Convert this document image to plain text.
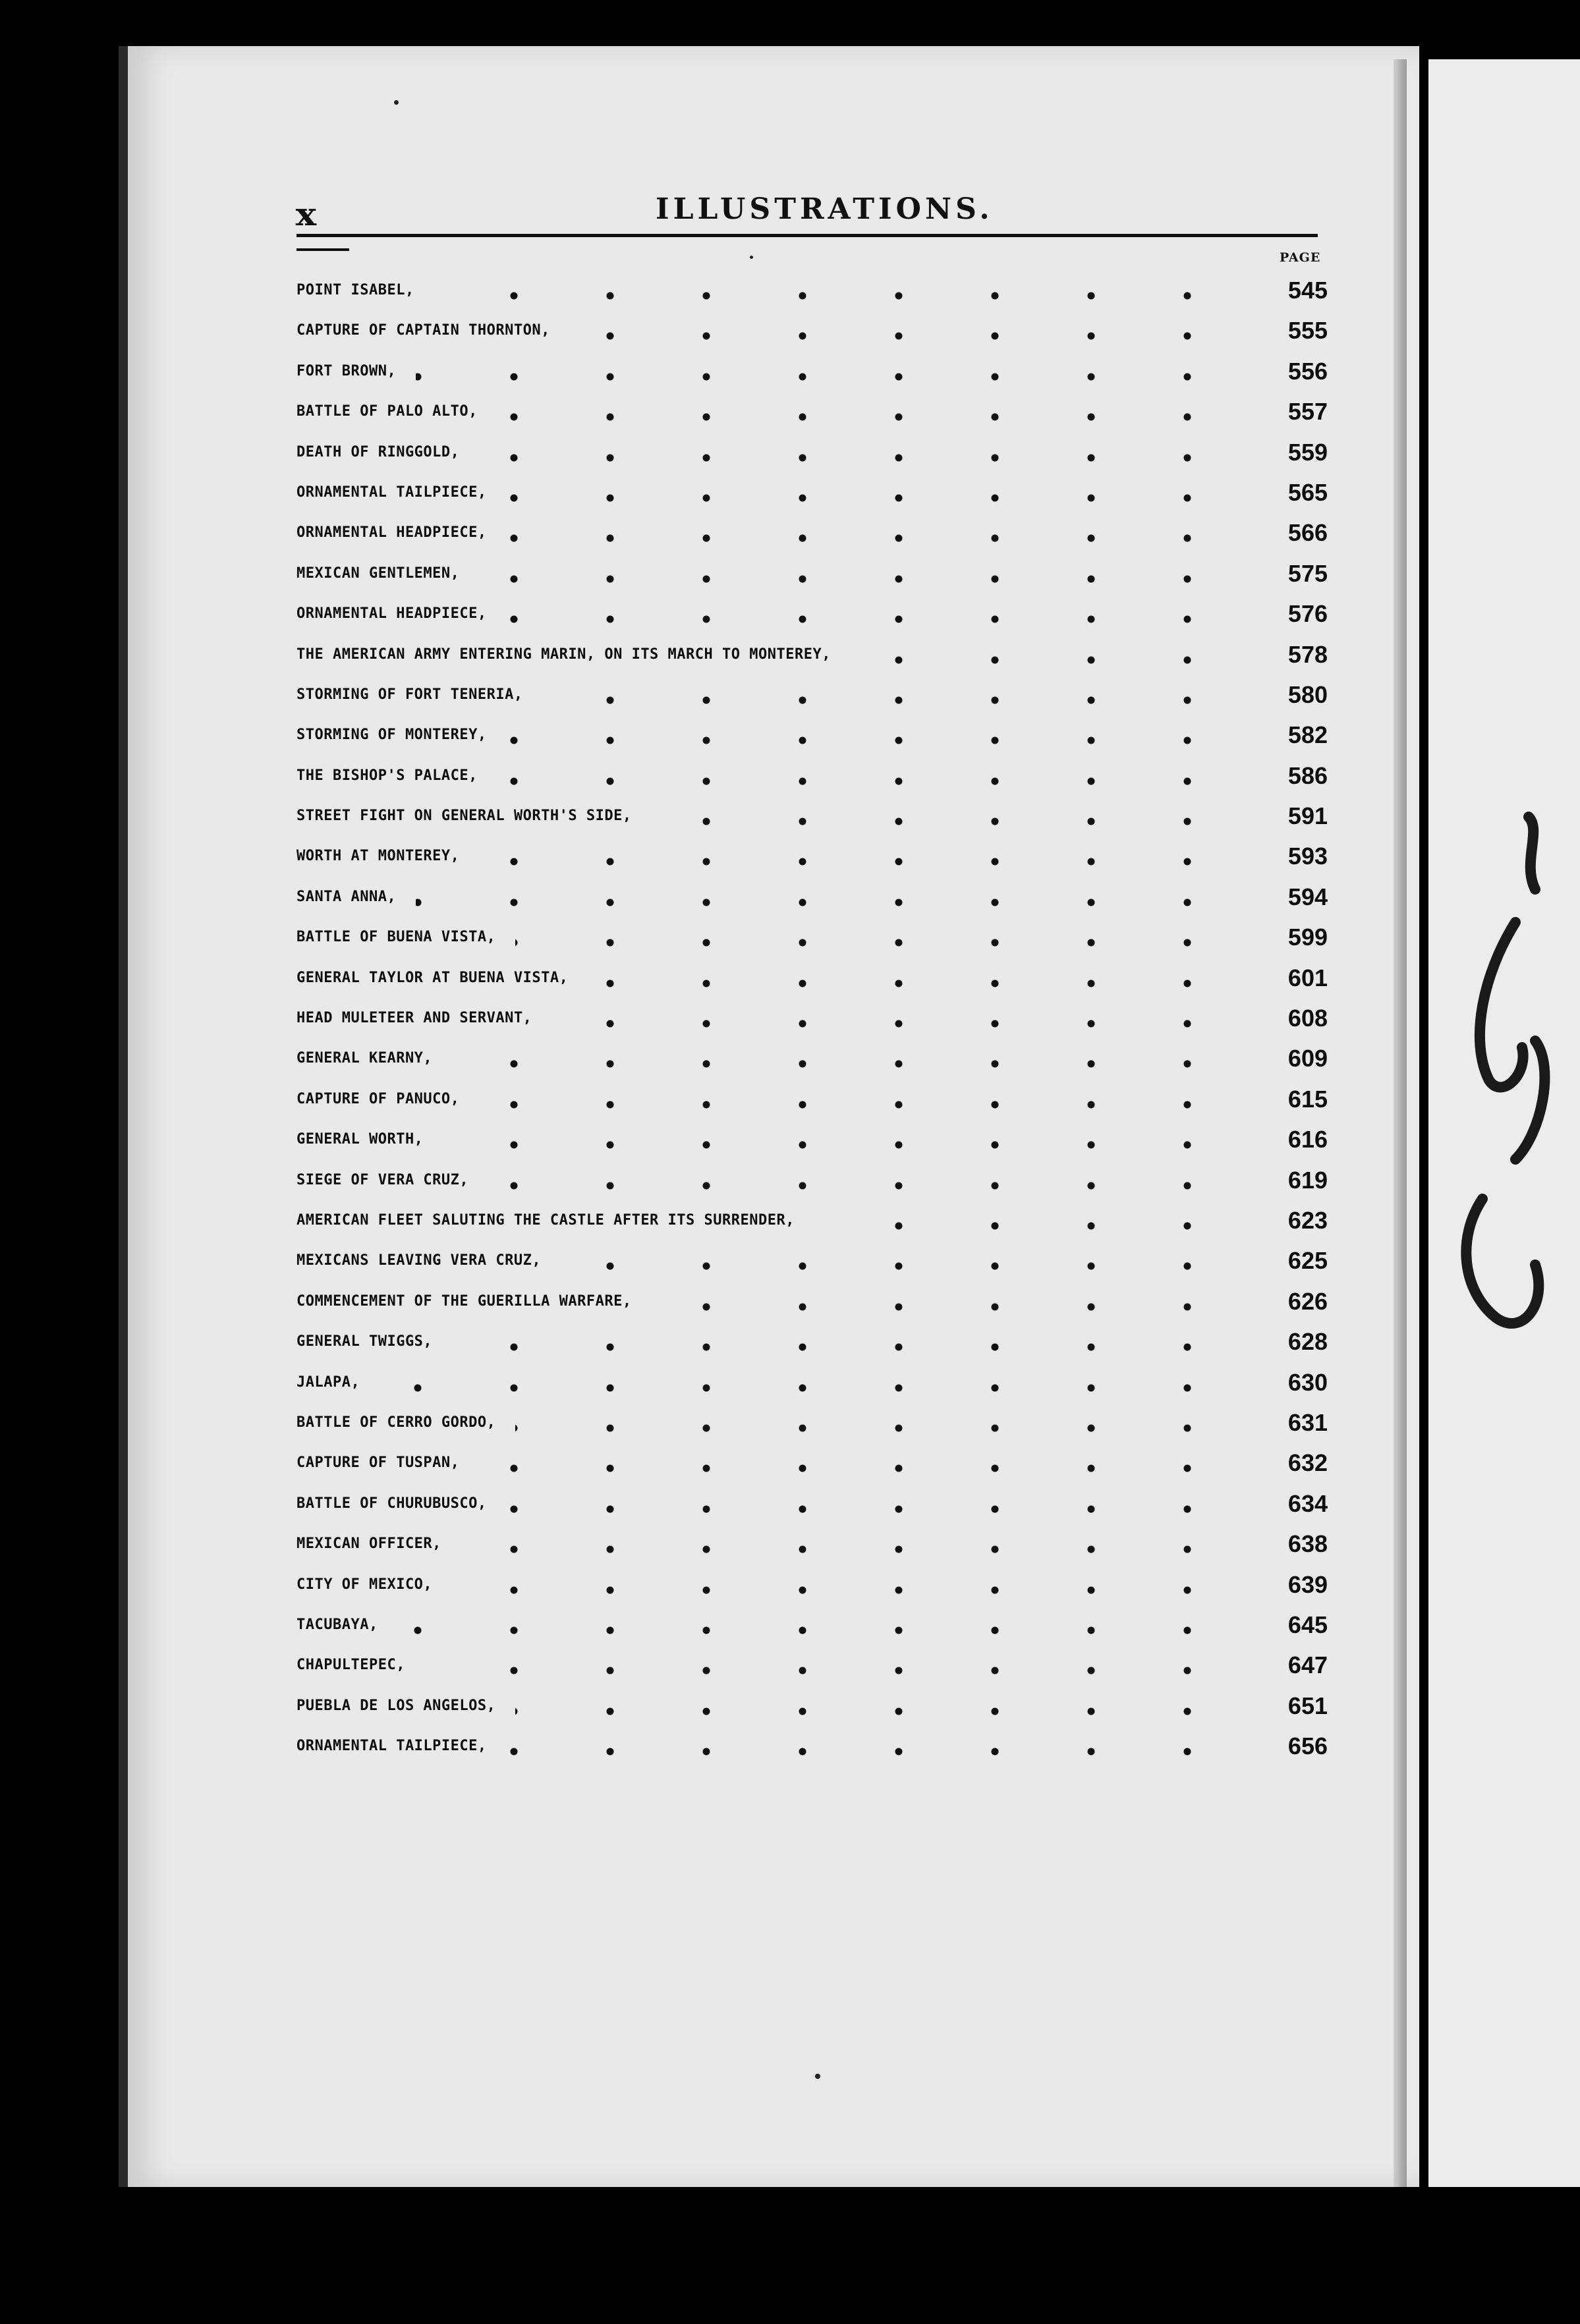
x	ILLUSTRATIONS.
PAGE
POINT ISABEL,	545
CAPTURE OF CAPTAIN THORNTON,	555
FORT BROWN,	556
BATTLE OF PALO ALTO,	557
DEATH OF RINGGOLD,	559
ORNAMENTAL TAILPIECE,	565
ORNAMENTAL HEADPIECE,	566
MEXICAN GENTLEMEN,	575
ORNAMENTAL HEADPIECE,	576
THE AMERICAN ARMY ENTERING MARIN, ON ITS MARCH TO MONTEREY,	578
STORMING OF FORT TENERIA,	580
STORMING OF MONTEREY,	582
THE BISHOP'S PALACE,	586
STREET FIGHT ON GENERAL WORTH'S SIDE,	591
WORTH AT MONTEREY,	593
SANTA ANNA,	594
BATTLE OF BUENA VISTA,	599
GENERAL TAYLOR AT BUENA VISTA,	601
HEAD MULETEER AND SERVANT,	608
GENERAL KEARNY,	609
CAPTURE OF PANUCO,	615
GENERAL WORTH,	616
SIEGE OF VERA CRUZ,	619
AMERICAN FLEET SALUTING THE CASTLE AFTER ITS SURRENDER,	623
MEXICANS LEAVING VERA CRUZ,	625
COMMENCEMENT OF THE GUERILLA WARFARE,	626
GENERAL TWIGGS,	628
JALAPA,	630
BATTLE OF CERRO GORDO,	631
CAPTURE OF TUSPAN,	632
BATTLE OF CHURUBUSCO,	634
MEXICAN OFFICER,	638
CITY OF MEXICO,	639
TACUBAYA,	645
CHAPULTEPEC,	647
PUEBLA DE LOS ANGELOS,	651
ORNAMENTAL TAILPIECE,	656
